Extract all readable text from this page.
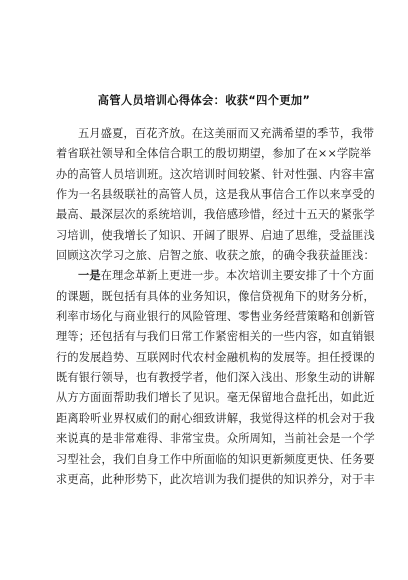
高管人员培训心得体会：收获“四个更加”
五月盛夏，百花齐放。在这美丽而又充满希望的季节，我带
着省联社领导和全体信合职工的殷切期望，参加了在××学院举
办的高管人员培训班。这次培训时间较紧、针对性强、内容丰富
作为一名县级联社的高管人员，这是我从事信合工作以来享受的
最高、最深层次的系统培训，我倍感珍惜，经过十五天的紧张学
习培训，使我增长了知识、开阔了眼界、启迪了思维，受益匪浅
回顾这次学习之旅、启智之旅、收获之旅，的确令我获益匪浅：
一是在理念革新上更进一步。本次培训主要安排了十个方面
的课题，既包括有具体的业务知识，像信贷视角下的财务分析，
利率市场化与商业银行的风险管理、零售业务经营策略和创新管
理等；还包括有与我们日常工作紧密相关的一些内容，如直销银
行的发展趋势、互联网时代农村金融机构的发展等。担任授课的
既有银行领导，也有教授学者，他们深入浅出、形象生动的讲解
从方方面面帮助我们增长了见识。毫无保留地合盘托出，如此近
距离聆听业界权威们的耐心细致讲解，我觉得这样的机会对于我
来说真的是非常难得、非常宝贵。众所周知，当前社会是一个学
习型社会，我们自身工作中所面临的知识更新频度更快、任务要
求更高，此种形势下，此次培训为我们提供的知识养分，对于丰
